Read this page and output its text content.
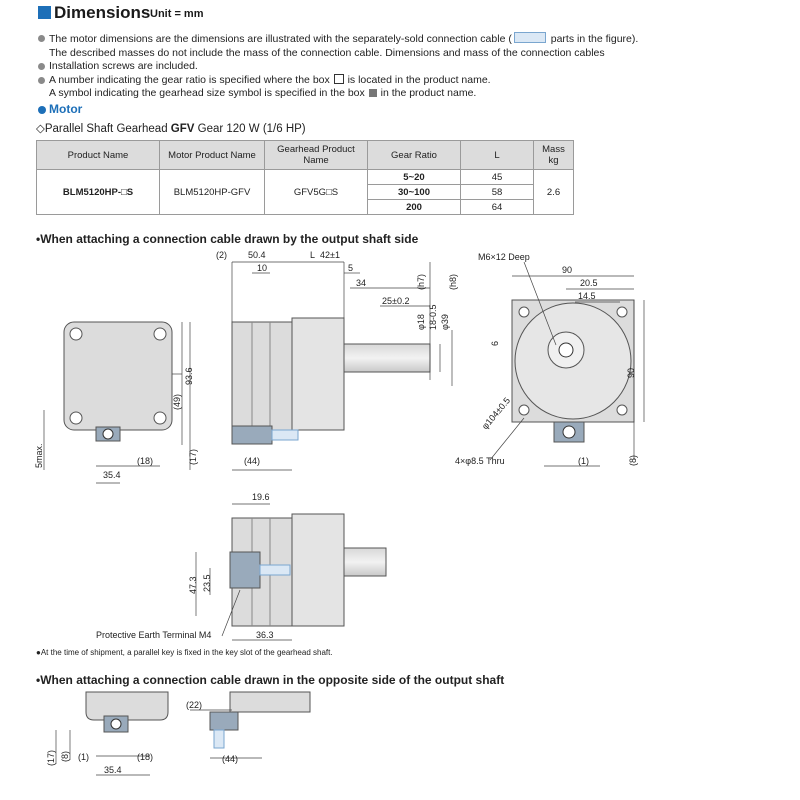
Dimensions Unit = mm
The motor dimensions are the dimensions are illustrated with the separately-sold connection cable (	parts in the figure).
The described masses do not include the mass of the connection cable. Dimensions and mass of the connection cables
Installation screws are included.
A number indicating the gear ratio is specified where the box  is located in the product name.
A symbol indicating the gearhead size symbol is specified in the box  in the product name.
Motor
◇Parallel Shaft Gearhead GFV Gear 120 W (1/6 HP)
Product Name	Motor Product Name	Gearhead Product Name	Gear Ratio	L	Mass kg
BLM5120HP-□S	BLM5120HP-GFV	GFV5G□S	5~20	45	2.6
			30~100	58	
			200	64	
•When attaching a connection cable drawn by the output shaft side
•When attaching a connection cable drawn in the opposite side of the output shaft
●At the time of shipment, a parallel key is fixed in the key slot of the gearhead shaft.
93.6
(49)
(17)
5max.	(18)
35.4
(2) 50.4	L 42±1
10	5
34
25±0.2
φ18 18-0.5 φ39
(h7) (h8)
(44)
M6×12 Deep
90
20.5
14.5
6
90
(8)
φ104±0.5
4×φ8.5 Thru	(1)
19.6
47.3 23.5
36.3
Protective Earth Terminal M4
(17) (8) (1)	(18)
35.4
(22)
(44)
